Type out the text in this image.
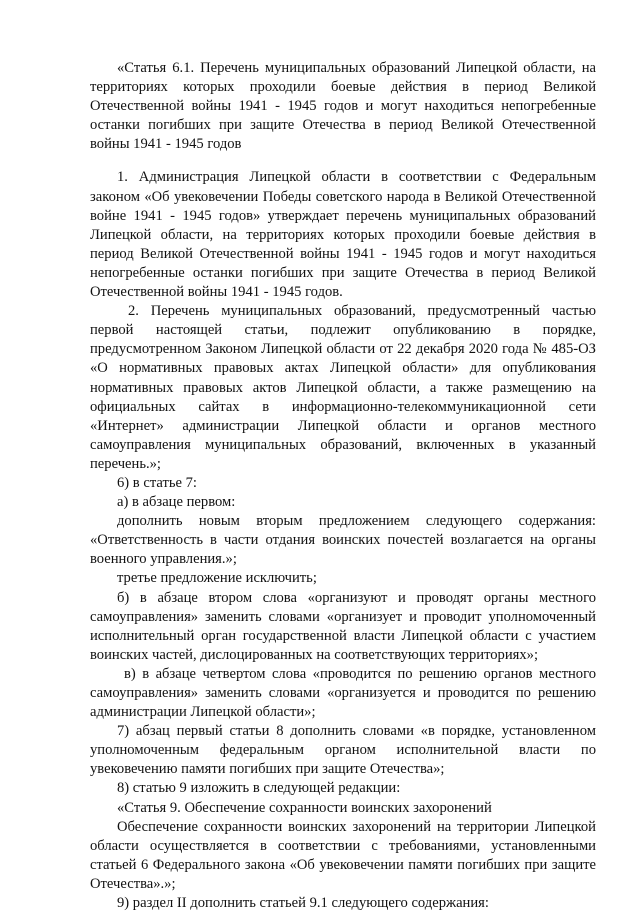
«Статья 6.1. Перечень муниципальных образований Липецкой области, на территориях которых проходили боевые действия в период Великой Отечественной войны 1941 - 1945 годов и могут находиться непогребенные останки погибших при защите Отечества в период Великой Отечественной войны 1941 - 1945 годов

1. Администрация Липецкой области в соответствии с Федеральным законом «Об увековечении Победы советского народа в Великой Отечественной войне 1941 - 1945 годов» утверждает перечень муниципальных образований Липецкой области, на территориях которых проходили боевые действия в период Великой Отечественной войны 1941 - 1945 годов и могут находиться непогребенные останки погибших при защите Отечества в период Великой Отечественной войны 1941 - 1945 годов.

2. Перечень муниципальных образований, предусмотренный частью первой настоящей статьи, подлежит опубликованию в порядке, предусмотренном Законом Липецкой области от 22 декабря 2020 года № 485-ОЗ «О нормативных правовых актах Липецкой области» для опубликования нормативных правовых актов Липецкой области, а также размещению на официальных сайтах в информационно-телекоммуникационной сети «Интернет» администрации Липецкой области и органов местного самоуправления муниципальных образований, включенных в указанный перечень.»;

6) в статье 7:

а) в абзаце первом:

дополнить новым вторым предложением следующего содержания: «Ответственность в части отдания воинских почестей возлагается на органы военного управления.»;

третье предложение исключить;

б) в абзаце втором слова «организуют и проводят органы местного самоуправления» заменить словами «организует и проводит уполномоченный исполнительный орган государственной власти Липецкой области с участием воинских частей, дислоцированных на соответствующих территориях»;

в) в абзаце четвертом слова «проводится по решению органов местного самоуправления» заменить словами «организуется и проводится по решению администрации Липецкой области»;

7) абзац первый статьи 8 дополнить словами «в порядке, установленном уполномоченным федеральным органом исполнительной власти по увековечению памяти погибших при защите Отечества»;

8) статью 9 изложить в следующей редакции:

«Статья 9. Обеспечение сохранности воинских захоронений

Обеспечение сохранности воинских захоронений на территории Липецкой области осуществляется в соответствии с требованиями, установленными статьей 6 Федерального закона «Об увековечении памяти погибших при защите Отечества».»;

9) раздел II дополнить статьей 9.1 следующего содержания:
